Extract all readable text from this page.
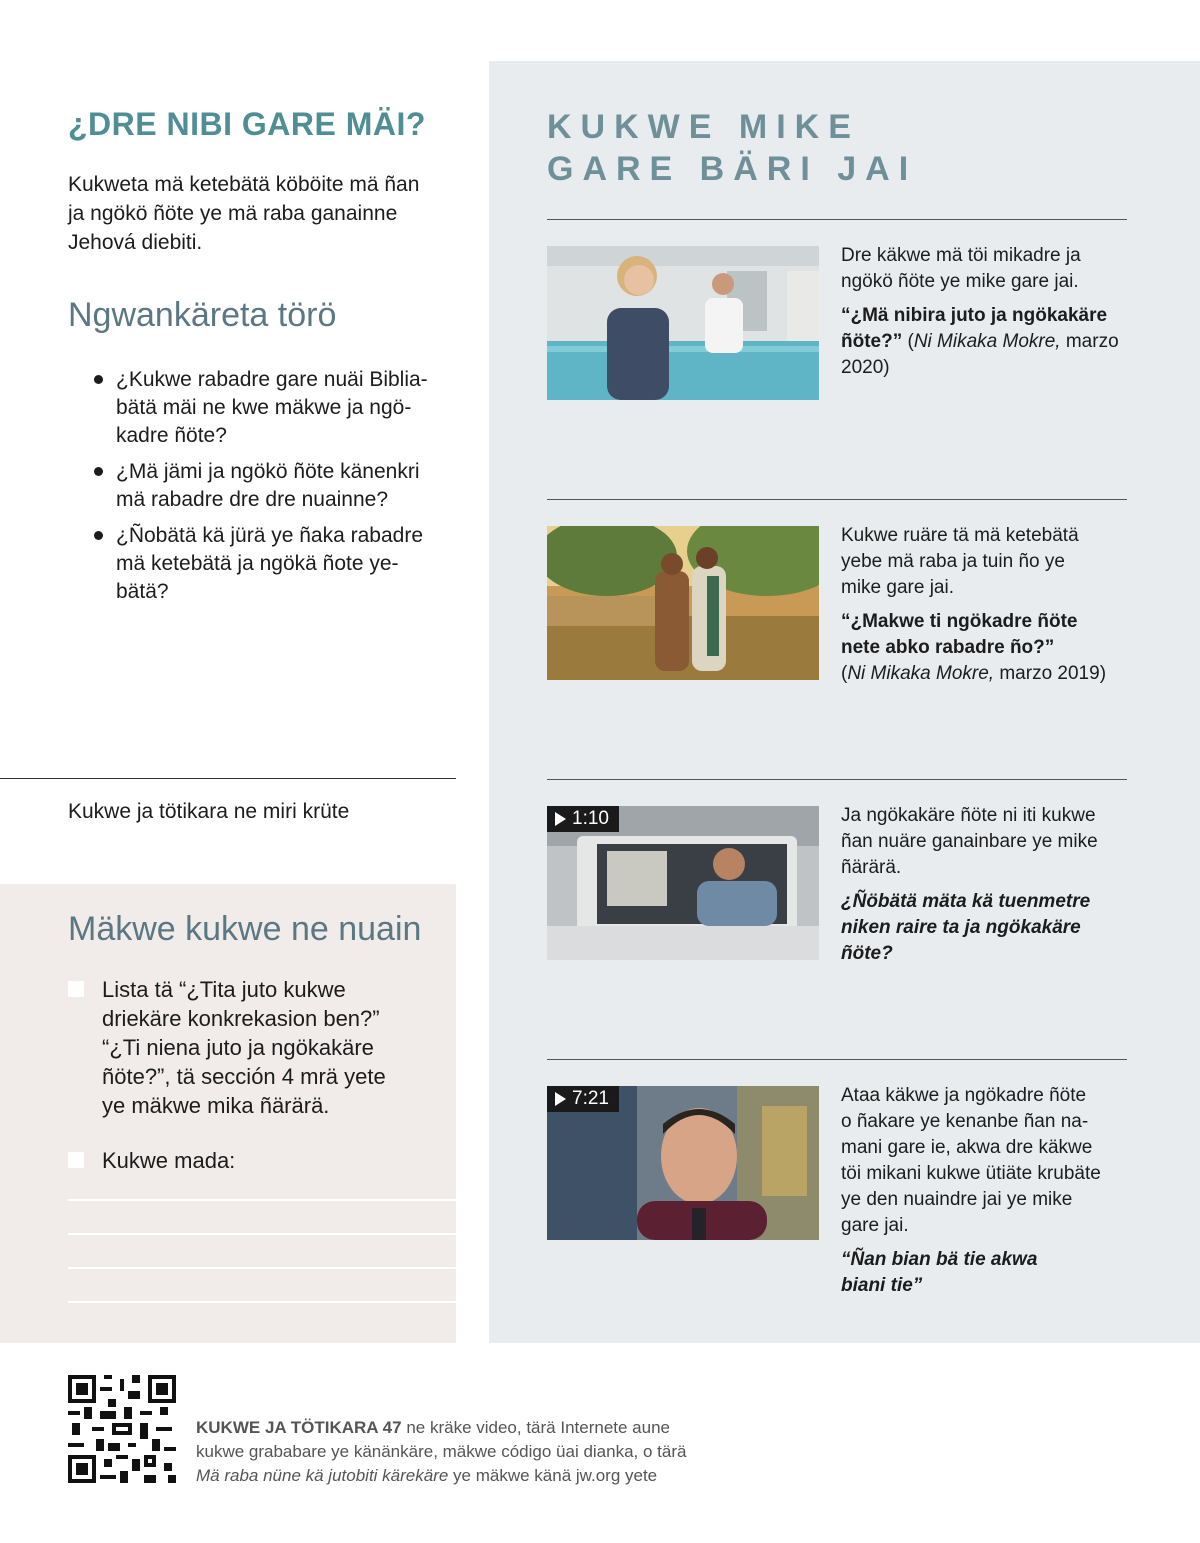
¿DRE NIBI GARE MÄI?

Kukweta mä ketebätä köböite mä ñan
ja ngökö ñöte ye mä raba ganainne
Jehová diebiti.

Ngwankäreta törö
¿Kukwe rabadre gare nuäi Biblia-
bätä mäi ne kwe mäkwe ja ngö-
kadre ñöte?
¿Mä jämi ja ngökö ñöte känenkri
mä rabadre dre dre nuainne?
¿Ñobätä kä jürä ye ñaka rabadre
mä ketebätä ja ngökä ñote ye-
bätä?
Kukwe ja tötikara ne miri krüte
Mäkwe kukwe ne nuain
Lista tä “¿Tita juto kukwe
driekäre konkrekasion ben?”
“¿Ti niena juto ja ngökakäre
ñöte?”, tä sección 4 mrä yete
ye mäkwe mika ñärärä.
Kukwe mada:
KUKWE MIKE
GARE BÄRI JAI

Dre käkwe mä töi mikadre ja
ngökö ñöte ye mike gare jai.

“¿Mä nibira juto ja ngökakäre
ñöte?” (Ni Mikaka Mokre, marzo
2020)

Kukwe ruäre tä mä ketebätä
yebe mä raba ja tuin ño ye
mike gare jai.

“¿Makwe ti ngökadre ñöte
nete abko rabadre ño?”
(Ni Mikaka Mokre, marzo 2019)

1:10	Ja ngökakäre ñöte ni iti kukwe
ñan nuäre ganainbare ye mike
ñärärä.

¿Ñöbätä mäta kä tuenmetre
niken raire ta ja ngökakäre
ñöte?

7:21	Ataa käkwe ja ngökadre ñöte
o ñakare ye kenanbe ñan na-
mani gare ie, akwa dre käkwe
töi mikani kukwe ütiäte krubäte
ye den nuaindre jai ye mike
gare jai.

“Ñan bian bä tie akwa
biani tie”

KUKWE JA TÖTIKARA 47 ne kräke video, tärä Internete aune
kukwe grababare ye känänkäre, mäkwe código üai dianka, o tärä
Mä raba nüne kä jutobiti kärekäre ye mäkwe känä jw.org yete
